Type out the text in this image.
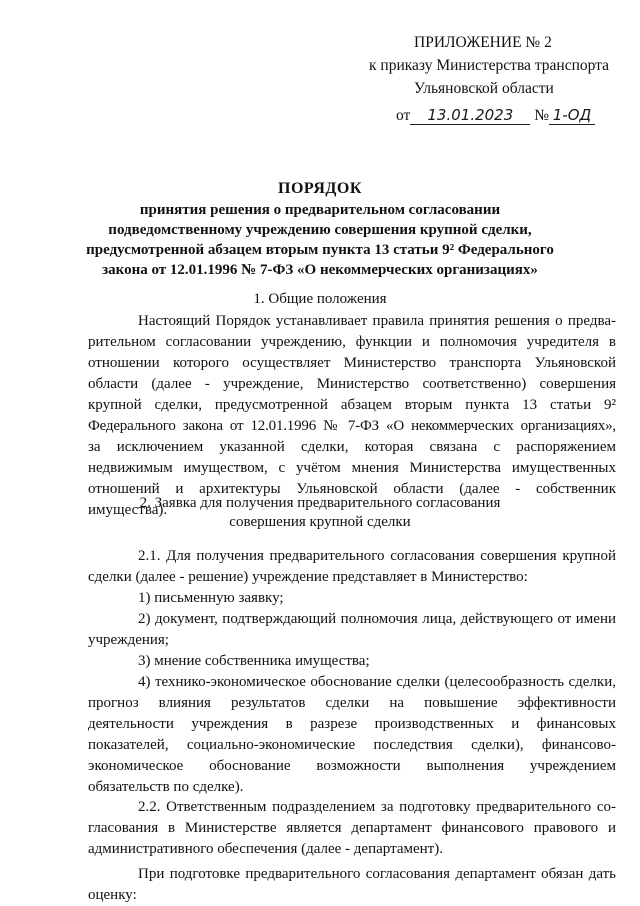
ПРИЛОЖЕНИЕ № 2
к приказу Министерства транспорта
Ульяновской области
от 13.01.2023 № 1-ОД
ПОРЯДОК
принятия решения о предварительном согласовании
подведомственному учреждению совершения крупной сделки,
предусмотренной абзацем вторым пункта 13 статьи 9² Федерального
закона от 12.01.1996 № 7-ФЗ «О некоммерческих организациях»
1. Общие положения
Настоящий Порядок устанавливает правила принятия решения о предва-
рительном согласовании учреждению, функции и полномочия учредителя в
отношении которого осуществляет Министерство транспорта Ульяновской
области (далее - учреждение, Министерство соответственно) совершения
крупной сделки, предусмотренной абзацем вторым пункта 13 статьи 9²
Федерального закона от 12.01.1996 № 7-ФЗ «О некоммерческих организациях»,
за исключением указанной сделки, которая связана с распоряжением
недвижимым имуществом, с учётом мнения Министерства имущественных
отношений и архитектуры Ульяновской области (далее - собственник
имущества).
2. Заявка для получения предварительного согласования
совершения крупной сделки
2.1. Для получения предварительного согласования совершения крупной
сделки (далее - решение) учреждение представляет в Министерство:
1) письменную заявку;
2) документ, подтверждающий полномочия лица, действующего от имени
учреждения;
3) мнение собственника имущества;
4) технико-экономическое обоснование сделки (целесообразность сделки,
прогноз влияния результатов сделки на повышение эффективности
деятельности учреждения в разрезе производственных и финансовых
показателей, социально-экономические последствия сделки), финансово-
экономическое обоснование возможности выполнения учреждением
обязательств по сделке).
2.2. Ответственным подразделением за подготовку предварительного со-
гласования в Министерстве является департамент финансового правового и
административного обеспечения (далее - департамент).
При подготовке предварительного согласования департамент обязан дать
оценку:
